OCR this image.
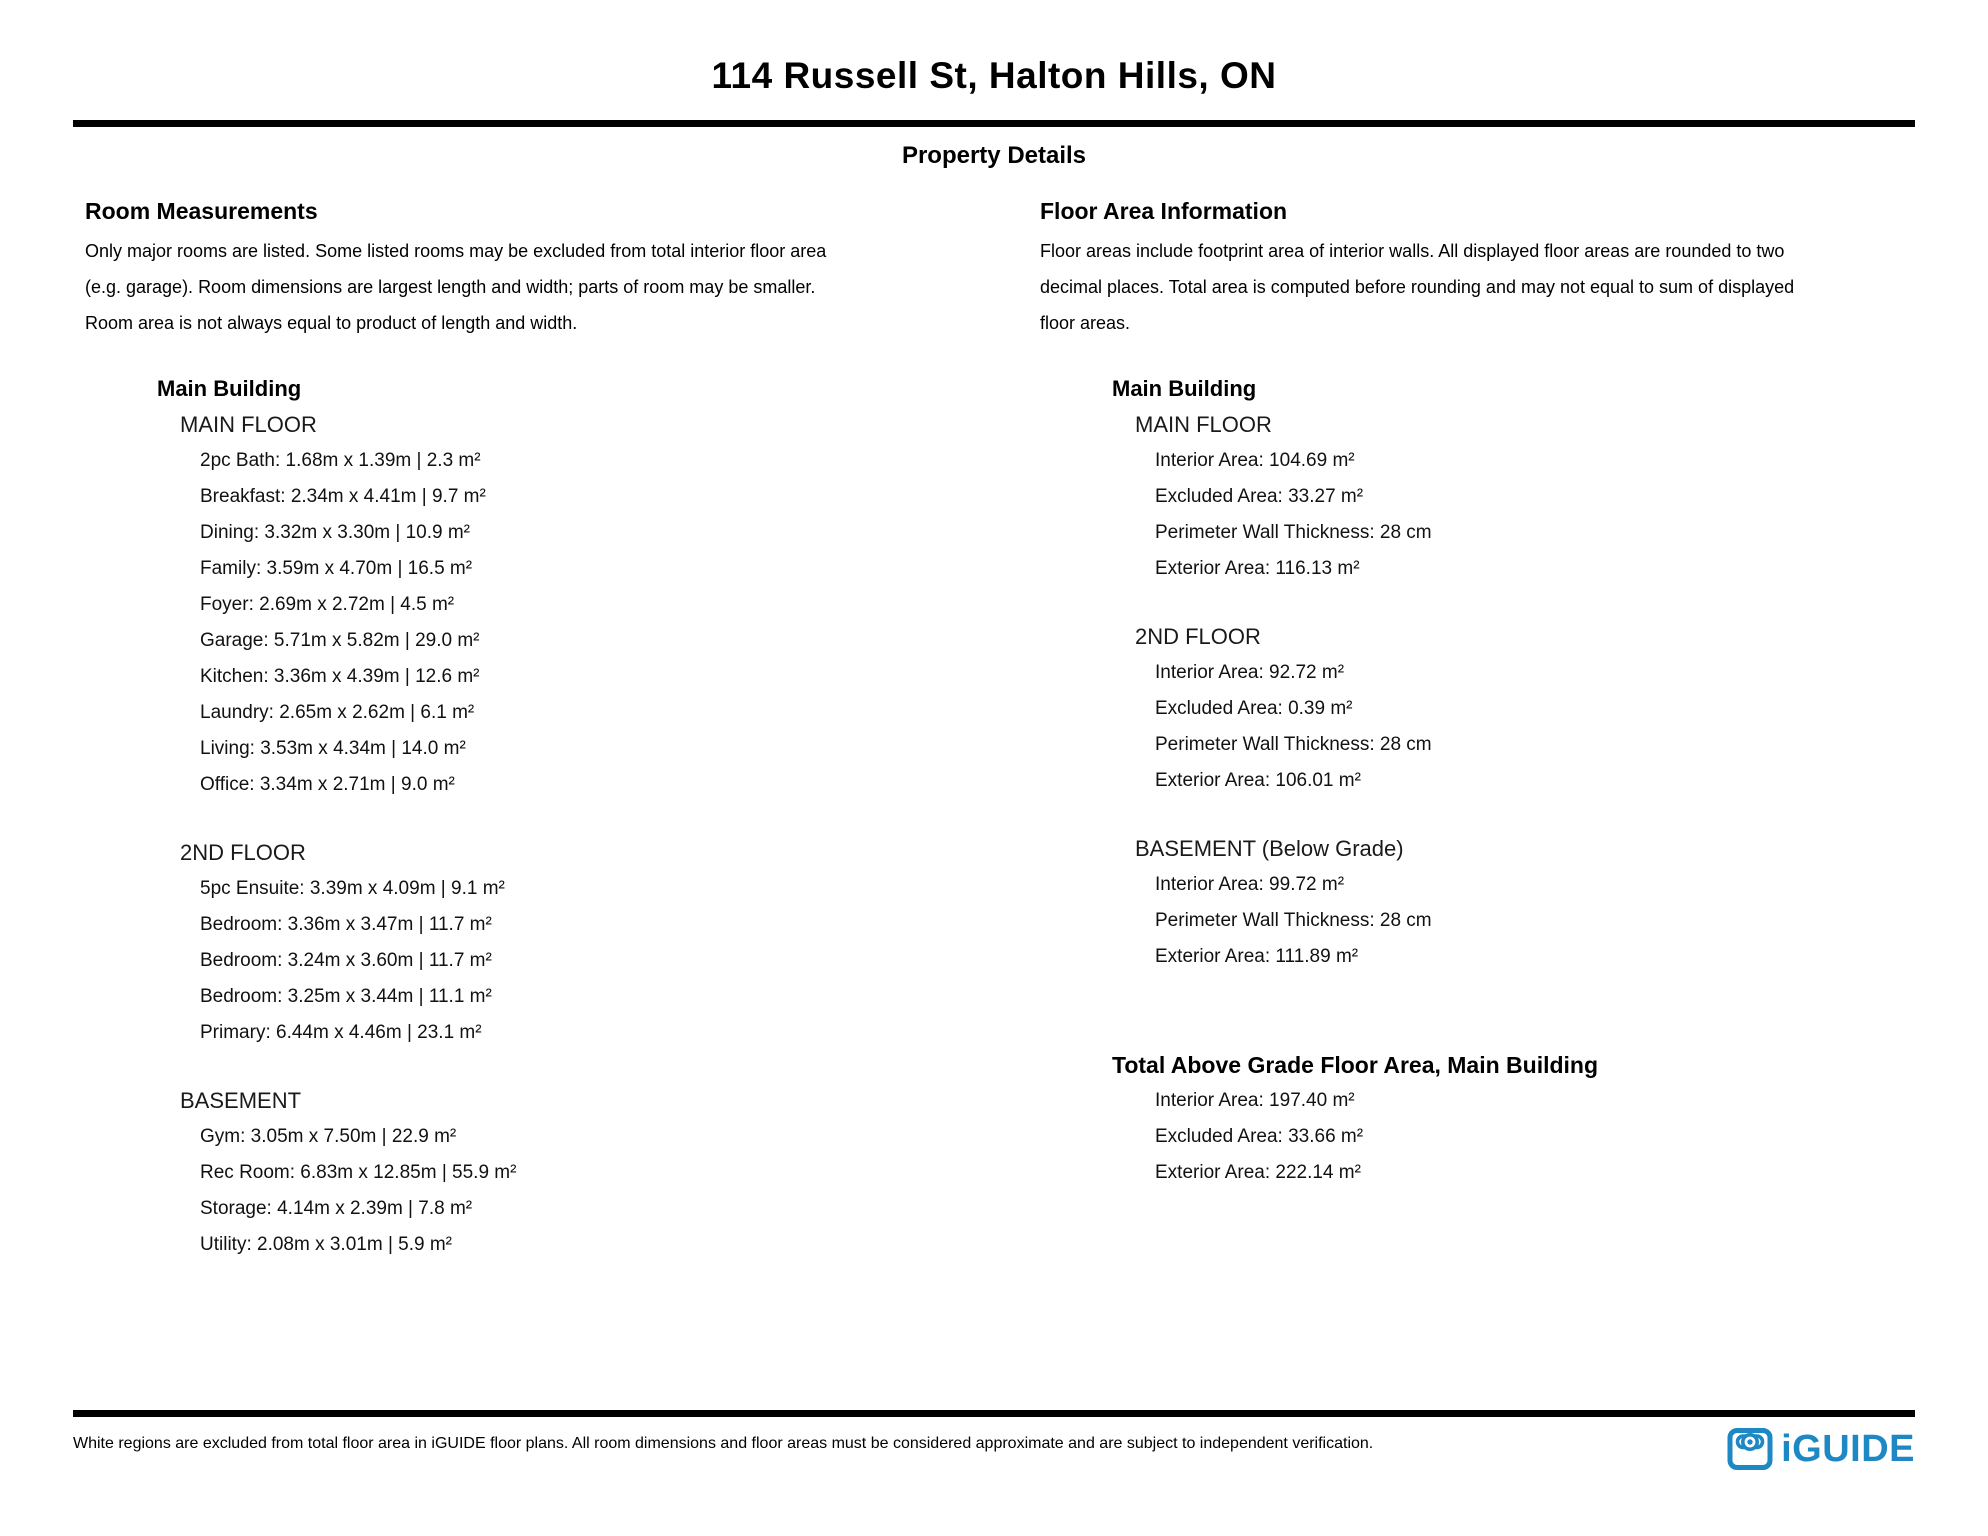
114 Russell St, Halton Hills, ON
Property Details
Room Measurements
Only major rooms are listed. Some listed rooms may be excluded from total interior floor area
(e.g. garage). Room dimensions are largest length and width; parts of room may be smaller.
Room area is not always equal to product of length and width.
Main Building
MAIN FLOOR
2pc Bath: 1.68m x 1.39m | 2.3 m²
Breakfast: 2.34m x 4.41m | 9.7 m²
Dining: 3.32m x 3.30m | 10.9 m²
Family: 3.59m x 4.70m | 16.5 m²
Foyer: 2.69m x 2.72m | 4.5 m²
Garage: 5.71m x 5.82m | 29.0 m²
Kitchen: 3.36m x 4.39m | 12.6 m²
Laundry: 2.65m x 2.62m | 6.1 m²
Living: 3.53m x 4.34m | 14.0 m²
Office: 3.34m x 2.71m | 9.0 m²
2ND FLOOR
5pc Ensuite: 3.39m x 4.09m | 9.1 m²
Bedroom: 3.36m x 3.47m | 11.7 m²
Bedroom: 3.24m x 3.60m | 11.7 m²
Bedroom: 3.25m x 3.44m | 11.1 m²
Primary: 6.44m x 4.46m | 23.1 m²
BASEMENT
Gym: 3.05m x 7.50m | 22.9 m²
Rec Room: 6.83m x 12.85m | 55.9 m²
Storage: 4.14m x 2.39m | 7.8 m²
Utility: 2.08m x 3.01m | 5.9 m²
Floor Area Information
Floor areas include footprint area of interior walls. All displayed floor areas are rounded to two
decimal places. Total area is computed before rounding and may not equal to sum of displayed
floor areas.
Main Building
MAIN FLOOR
Interior Area: 104.69 m²
Excluded Area: 33.27 m²
Perimeter Wall Thickness: 28 cm
Exterior Area: 116.13 m²
2ND FLOOR
Interior Area: 92.72 m²
Excluded Area: 0.39 m²
Perimeter Wall Thickness: 28 cm
Exterior Area: 106.01 m²
BASEMENT (Below Grade)
Interior Area: 99.72 m²
Perimeter Wall Thickness: 28 cm
Exterior Area: 111.89 m²
Total Above Grade Floor Area, Main Building
Interior Area: 197.40 m²
Excluded Area: 33.66 m²
Exterior Area: 222.14 m²
White regions are excluded from total floor area in iGUIDE floor plans. All room dimensions and floor areas must be considered approximate and are subject to independent verification.	iGUIDE
